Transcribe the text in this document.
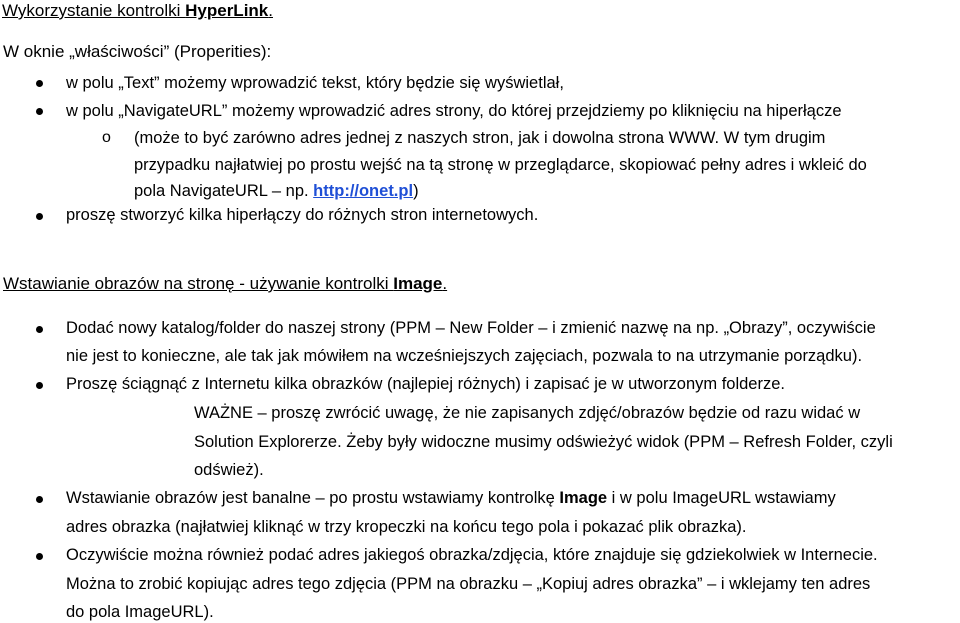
Wykorzystanie kontrolki HyperLink.
W oknie „właściwości” (Properities):
w polu „Text” możemy wprowadzić tekst, który będzie się wyświetlał,
w polu „NavigateURL” możemy wprowadzić adres strony, do której przejdziemy po kliknięciu na hiperłącze
o (może to być zarówno adres jednej z naszych stron, jak i dowolna strona WWW. W tym drugim
przypadku najłatwiej po prostu wejść na tą stronę w przeglądarce, skopiować pełny adres i wkleić do
pola NavigateURL – np. http://onet.pl)
proszę stworzyć kilka hiperłączy do różnych stron internetowych.
Wstawianie obrazów na stronę - używanie kontrolki Image.
Dodać nowy katalog/folder do naszej strony (PPM – New Folder – i zmienić nazwę na np. „Obrazy”, oczywiście
nie jest to konieczne, ale tak jak mówiłem na wcześniejszych zajęciach, pozwala to na utrzymanie porządku).
Proszę ściągnąć z Internetu kilka obrazków (najlepiej różnych) i zapisać je w utworzonym folderze.
WAŻNE – proszę zwrócić uwagę, że nie zapisanych zdjęć/obrazów będzie od razu widać w
Solution Explorerze. Żeby były widoczne musimy odświeżyć widok (PPM – Refresh Folder, czyli
odśwież).
Wstawianie obrazów jest banalne – po prostu wstawiamy kontrolkę Image i w polu ImageURL wstawiamy
adres obrazka (najłatwiej kliknąć w trzy kropeczki na końcu tego pola i pokazać plik obrazka).
Oczywiście można również podać adres jakiegoś obrazka/zdjęcia, które znajduje się gdziekolwiek w Internecie.
Można to zrobić kopiując adres tego zdjęcia (PPM na obrazku – „Kopiuj adres obrazka” – i wklejamy ten adres
do pola ImageURL).
